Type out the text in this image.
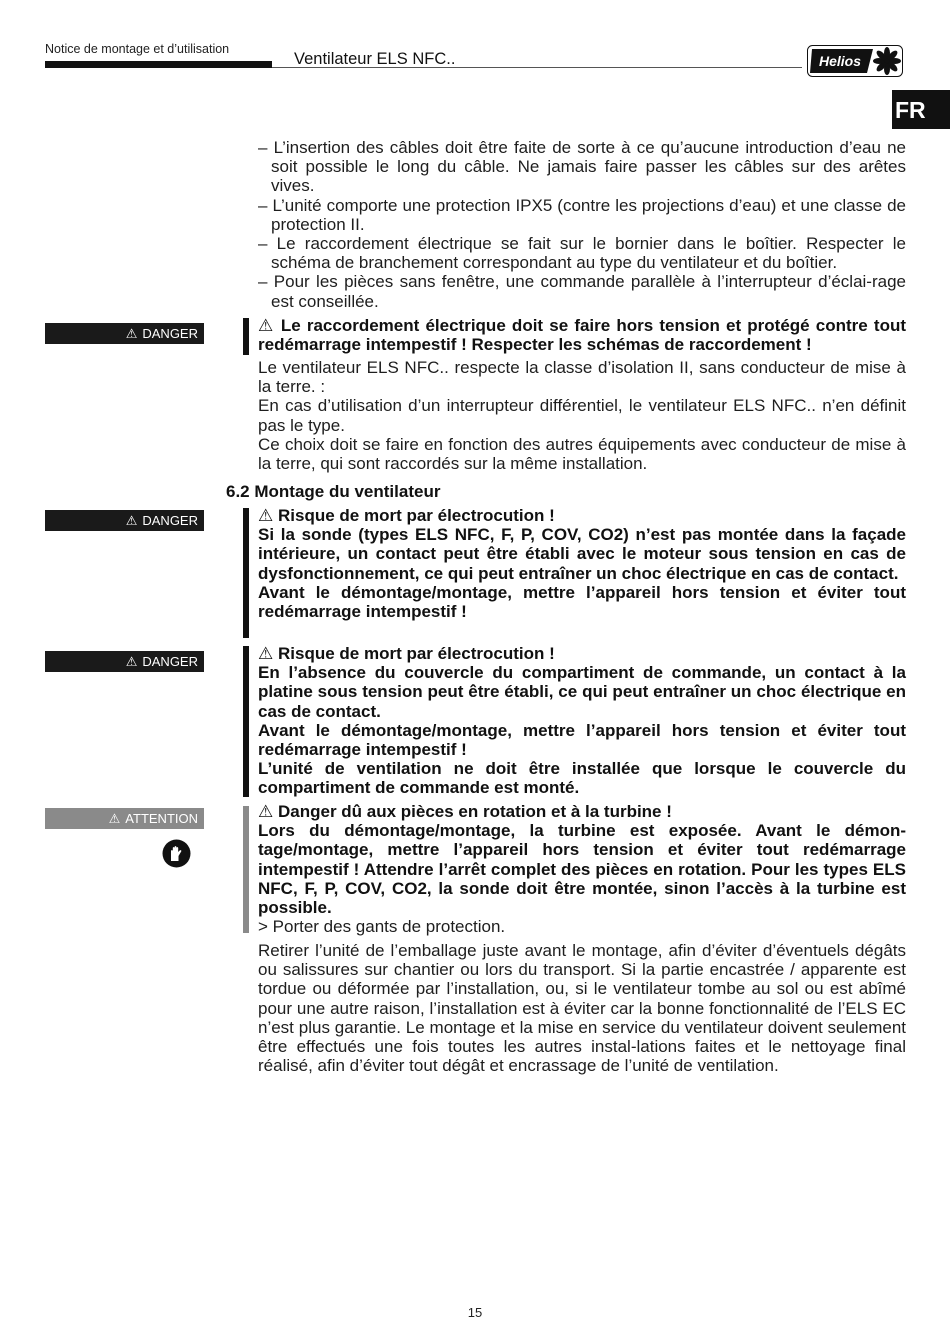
Notice de montage et d’utilisation
Ventilateur ELS NFC..	Helios
FR
– L’insertion des câbles doit être faite de sorte à ce qu’aucune introduction d’eau ne soit possible le long du câble. Ne jamais faire passer les câbles sur des arêtes vives.
– L’unité comporte une protection IPX5 (contre les projections d’eau) et une classe de protection II.
– Le raccordement électrique se fait sur le bornier dans le boîtier. Respecter le schéma de branchement correspondant au type du ventilateur et du boîtier.
– Pour les pièces sans fenêtre, une commande parallèle à l’interrupteur d’éclai-rage est conseillée.
⚠ DANGER	⚠ Le raccordement électrique doit se faire hors tension et protégé contre tout redémarrage intempestif ! Respecter les schémas de raccordement !

Le ventilateur ELS NFC.. respecte la classe d’isolation II, sans conducteur de mise à la terre. :

En cas d’utilisation d’un interrupteur différentiel, le ventilateur ELS NFC.. n’en définit pas le type.

Ce choix doit se faire en fonction des autres équipements avec conducteur de mise à la terre, qui sont raccordés sur la même installation.

6.2 Montage du ventilateur
⚠ DANGER	⚠ Risque de mort par électrocution !

Si la sonde (types ELS NFC, F, P, COV, CO2) n’est pas montée dans la façade intérieure, un contact peut être établi avec le moteur sous tension en cas de dysfonctionnement, ce qui peut entraîner un choc électrique en cas de contact.

Avant le démontage/montage, mettre l’appareil hors tension et éviter tout redémarrage intempestif !

⚠ DANGER	⚠ Risque de mort par électrocution !

En l’absence du couvercle du compartiment de commande, un contact à la platine sous tension peut être établi, ce qui peut entraîner un choc électrique en cas de contact.

Avant le démontage/montage, mettre l’appareil hors tension et éviter tout redémarrage intempestif !

L’unité de ventilation ne doit être installée que lorsque le couvercle du compartiment de commande est monté.

⚠ ATTENTION	⚠ Danger dû aux pièces en rotation et à la turbine !

Lors du démontage/montage, la turbine est exposée. Avant le démon-tage/montage, mettre l’appareil hors tension et éviter tout redémarrage intempestif ! Attendre l’arrêt complet des pièces en rotation. Pour les types ELS NFC, F, P, COV, CO2, la sonde doit être montée, sinon l’accès à la turbine est possible.

> Porter des gants de protection.

Retirer l’unité de l’emballage juste avant le montage, afin d’éviter d’éventuels dégâts ou salissures sur chantier ou lors du transport. Si la partie encastrée / apparente est tordue ou déformée par l’installation, ou, si le ventilateur tombe au sol ou est abîmé pour une autre raison, l’installation est à éviter car la bonne fonctionnalité de l’ELS EC n’est plus garantie. Le montage et la mise en service du ventilateur doivent seulement être effectués une fois toutes les autres instal-lations faites et le nettoyage final réalisé, afin d’éviter tout dégât et encrassage de l’unité de ventilation.

15
